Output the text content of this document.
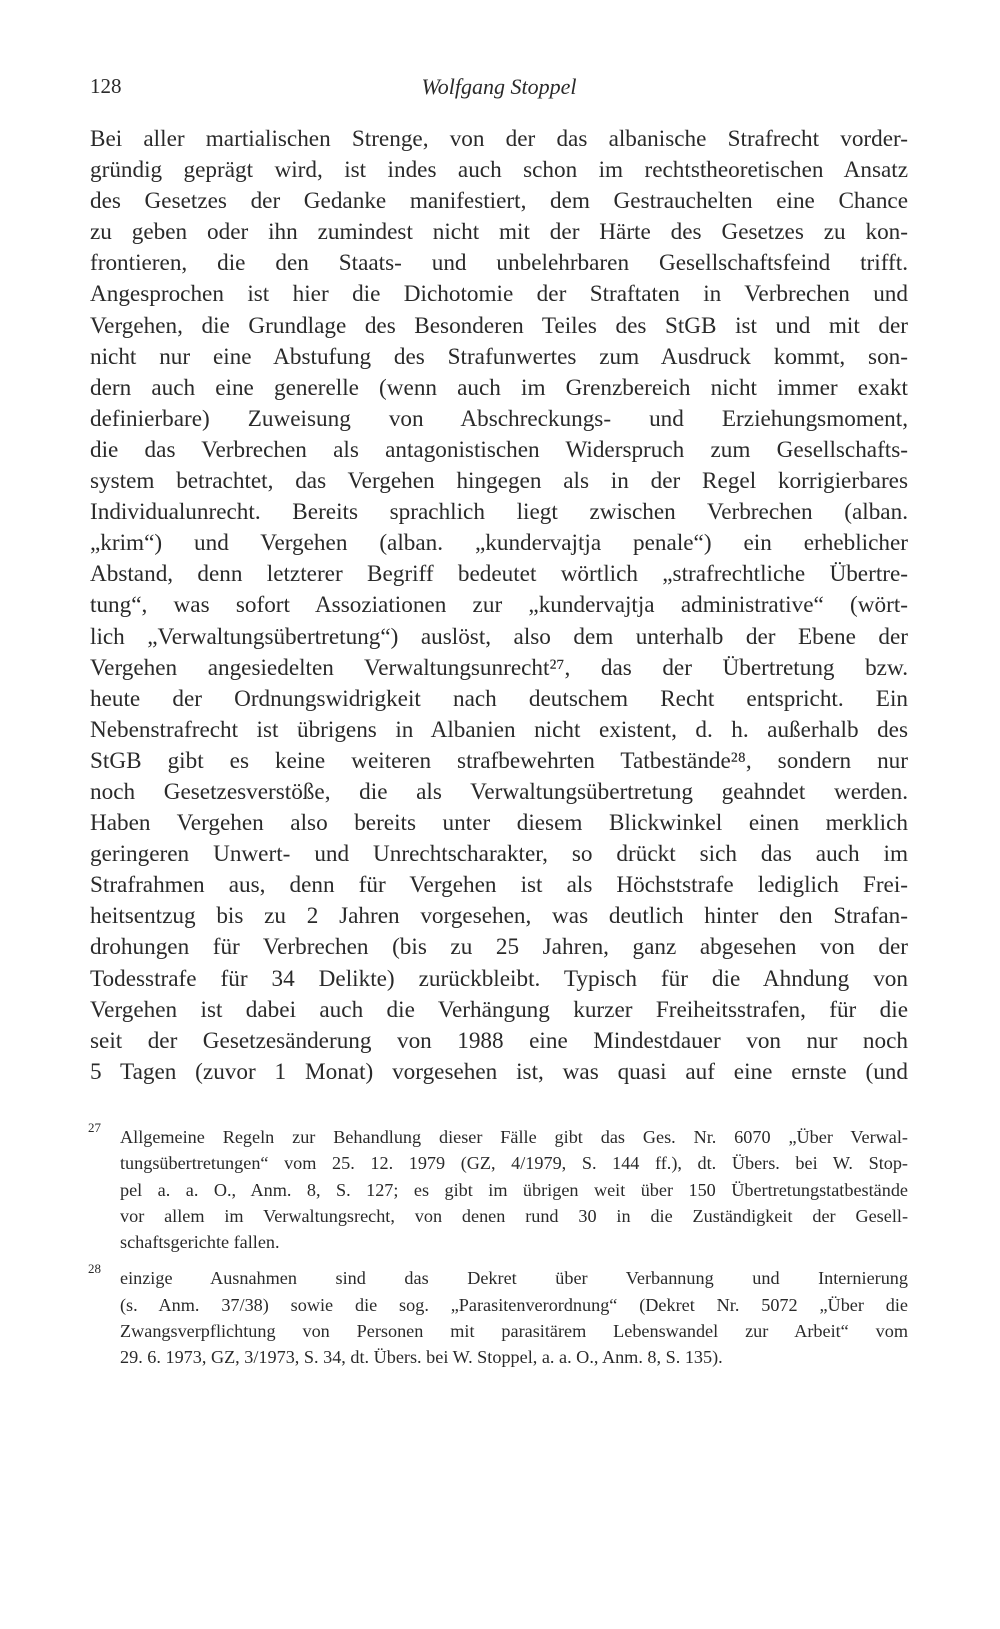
128	Wolfgang Stoppel
Bei aller martialischen Strenge, von der das albanische Strafrecht vorder-
gründig geprägt wird, ist indes auch schon im rechtstheoretischen Ansatz
des Gesetzes der Gedanke manifestiert, dem Gestrauchelten eine Chance
zu geben oder ihn zumindest nicht mit der Härte des Gesetzes zu kon-
frontieren, die den Staats- und unbelehrbaren Gesellschaftsfeind trifft.
Angesprochen ist hier die Dichotomie der Straftaten in Verbrechen und
Vergehen, die Grundlage des Besonderen Teiles des StGB ist und mit der
nicht nur eine Abstufung des Strafunwertes zum Ausdruck kommt, son-
dern auch eine generelle (wenn auch im Grenzbereich nicht immer exakt
definierbare) Zuweisung von Abschreckungs- und Erziehungsmoment,
die das Verbrechen als antagonistischen Widerspruch zum Gesellschafts-
system betrachtet, das Vergehen hingegen als in der Regel korrigierbares
Individualunrecht. Bereits sprachlich liegt zwischen Verbrechen (alban.
„krim“) und Vergehen (alban. „kundervajtja penale“) ein erheblicher
Abstand, denn letzterer Begriff bedeutet wörtlich „strafrechtliche Übertre-
tung“, was sofort Assoziationen zur „kundervajtja administrative“ (wört-
lich „Verwaltungsübertretung“) auslöst, also dem unterhalb der Ebene der
Vergehen angesiedelten Verwaltungsunrecht²⁷, das der Übertretung bzw.
heute der Ordnungswidrigkeit nach deutschem Recht entspricht. Ein
Nebenstrafrecht ist übrigens in Albanien nicht existent, d. h. außerhalb des
StGB gibt es keine weiteren strafbewehrten Tatbestände²⁸, sondern nur
noch Gesetzesverstöße, die als Verwaltungsübertretung geahndet werden.
Haben Vergehen also bereits unter diesem Blickwinkel einen merklich
geringeren Unwert- und Unrechtscharakter, so drückt sich das auch im
Strafrahmen aus, denn für Vergehen ist als Höchststrafe lediglich Frei-
heitsentzug bis zu 2 Jahren vorgesehen, was deutlich hinter den Strafan-
drohungen für Verbrechen (bis zu 25 Jahren, ganz abgesehen von der
Todesstrafe für 34 Delikte) zurückbleibt. Typisch für die Ahndung von
Vergehen ist dabei auch die Verhängung kurzer Freiheitsstrafen, für die
seit der Gesetzesänderung von 1988 eine Mindestdauer von nur noch
5 Tagen (zuvor 1 Monat) vorgesehen ist, was quasi auf eine ernste (und
27 Allgemeine Regeln zur Behandlung dieser Fälle gibt das Ges. Nr. 6070 „Über Verwal-
tungsübertretungen“ vom 25. 12. 1979 (GZ, 4/1979, S. 144 ff.), dt. Übers. bei W. Stop-
pel a. a. O., Anm. 8, S. 127; es gibt im übrigen weit über 150 Übertretungstatbestände
vor allem im Verwaltungsrecht, von denen rund 30 in die Zuständigkeit der Gesell-
schaftsgerichte fallen.
28 einzige Ausnahmen sind das Dekret über Verbannung und Internierung
(s. Anm. 37/38) sowie die sog. „Parasitenverordnung“ (Dekret Nr. 5072 „Über die
Zwangsverpflichtung von Personen mit parasitärem Lebenswandel zur Arbeit“ vom
29. 6. 1973, GZ, 3/1973, S. 34, dt. Übers. bei W. Stoppel, a. a. O., Anm. 8, S. 135).
